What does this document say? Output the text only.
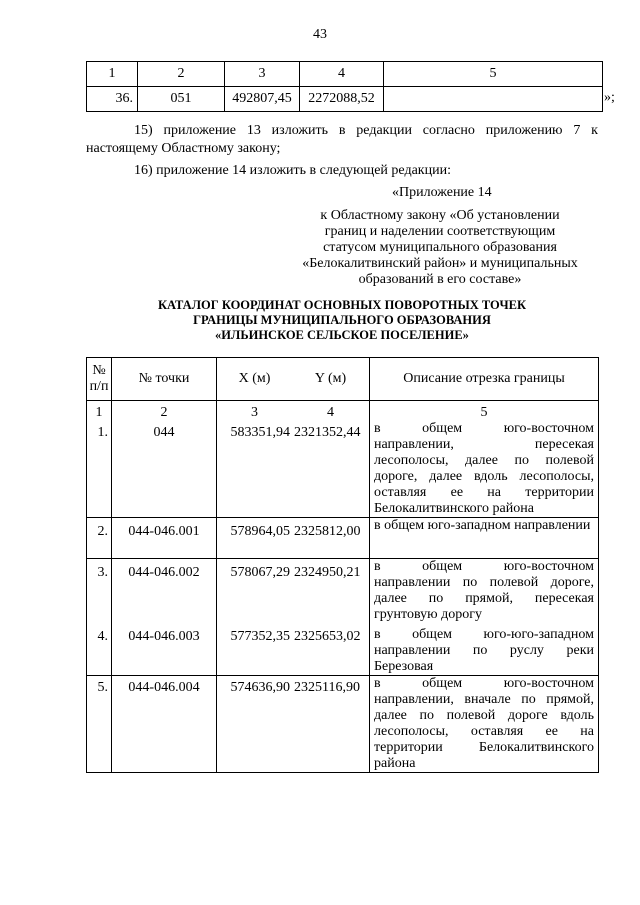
43
1	2	3	4	5
36.	051	492807,45	2272088,52		»;
15) приложение 13 изложить в редакции согласно приложению 7 к настоящему Областному закону;
16) приложение 14 изложить в следующей редакции:
«Приложение 14
к Областному закону «Об установлении
границ и наделении соответствующим
статусом муниципального образования
«Белокалитвинский район» и муниципальных
образований в его составе»
КАТАЛОГ КООРДИНАТ ОСНОВНЫХ ПОВОРОТНЫХ ТОЧЕК
ГРАНИЦЫ МУНИЦИПАЛЬНОГО ОБРАЗОВАНИЯ
«ИЛЬИНСКОЕ СЕЛЬСКОЕ ПОСЕЛЕНИЕ»
№
п/п	№ точки	X (м)	Y (м)	Описание отрезка границы
1	2	3	4	5
1.	044	583351,94	2321352,44	в общем юго-восточном направлении, пересекая лесополосы, далее по полевой дороге, далее вдоль лесополосы, оставляя ее на территории Белокалитвинского района
2.	044-046.001	578964,05	2325812,00	в общем юго-западном направлении
3.	044-046.002	578067,29	2324950,21	в общем юго-восточном направлении по полевой дороге, далее по прямой, пересекая грунтовую дорогу
4.	044-046.003	577352,35	2325653,02	в общем юго-юго-западном направлении по руслу реки Березовая
5.	044-046.004	574636,90	2325116,90	в общем юго-восточном направлении, вначале по прямой, далее по полевой дороге вдоль лесополосы, оставляя ее на территории Белокалитвинского района
